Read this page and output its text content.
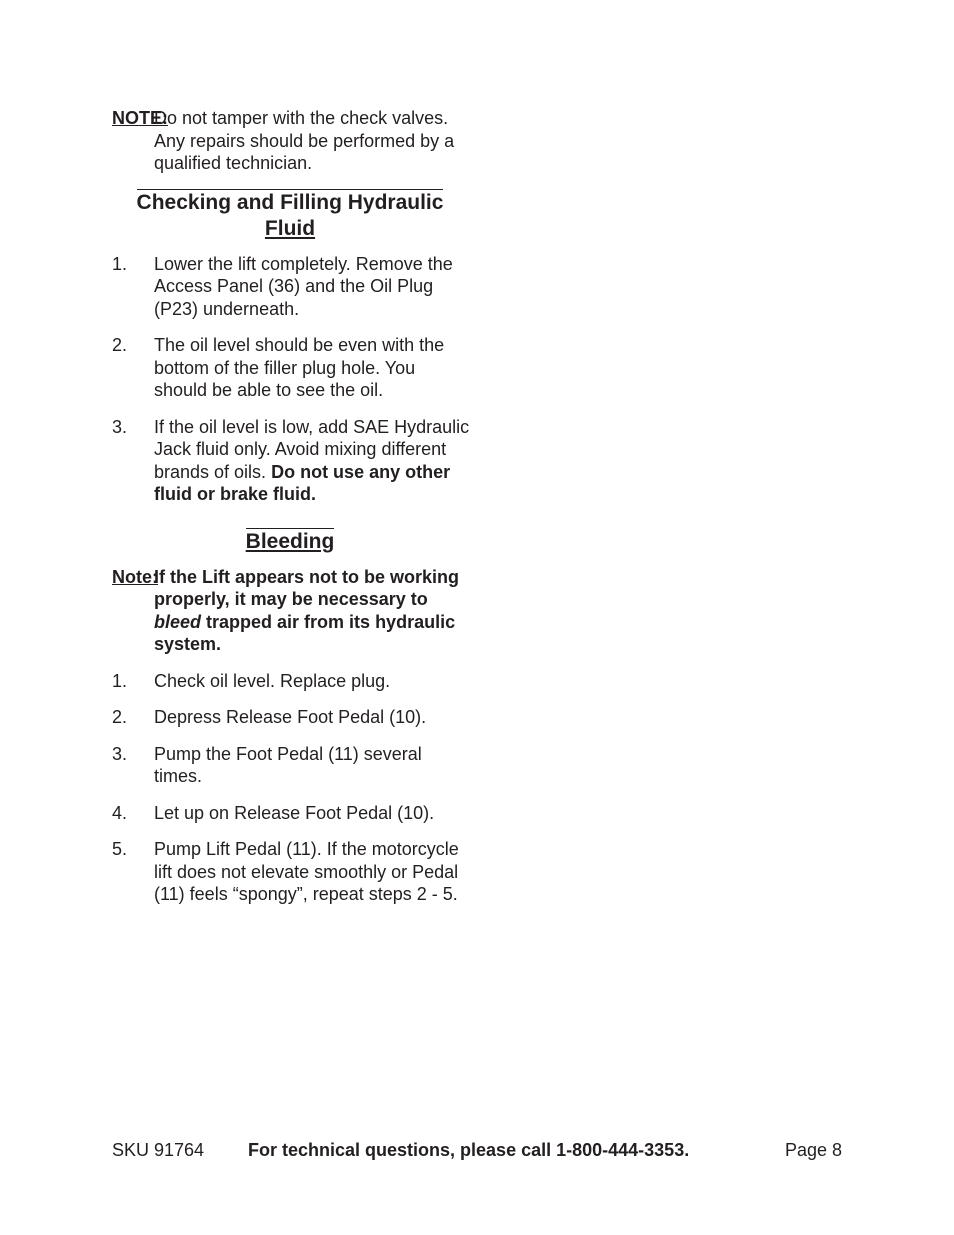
NOTE:
Do not tamper with the check valves. Any repairs should be performed by a qualified technician.

Checking and Filling Hydraulic
Fluid
1. Lower the lift completely. Remove the Access Panel (36) and the Oil Plug (P23) underneath.
2. The oil level should be even with the bottom of the filler plug hole. You should be able to see the oil.
3. If the oil level is low, add SAE Hydraulic Jack fluid only. Avoid mixing different brands of oils. Do not use any other fluid or brake fluid.
Bleeding

Note:
If the Lift appears not to be working properly, it may be necessary to bleed trapped air from its hydraulic system.

1. Check oil level. Replace plug.
2. Depress Release Foot Pedal (10).
3. Pump the Foot Pedal (11) several times.
4. Let up on Release Foot Pedal (10).
5. Pump Lift Pedal (11). If the motorcycle lift does not elevate smoothly or Pedal (11) feels “spongy”, repeat steps 2 - 5.
SKU 91764 For technical questions, please call 1-800-444-3353.	Page 8
